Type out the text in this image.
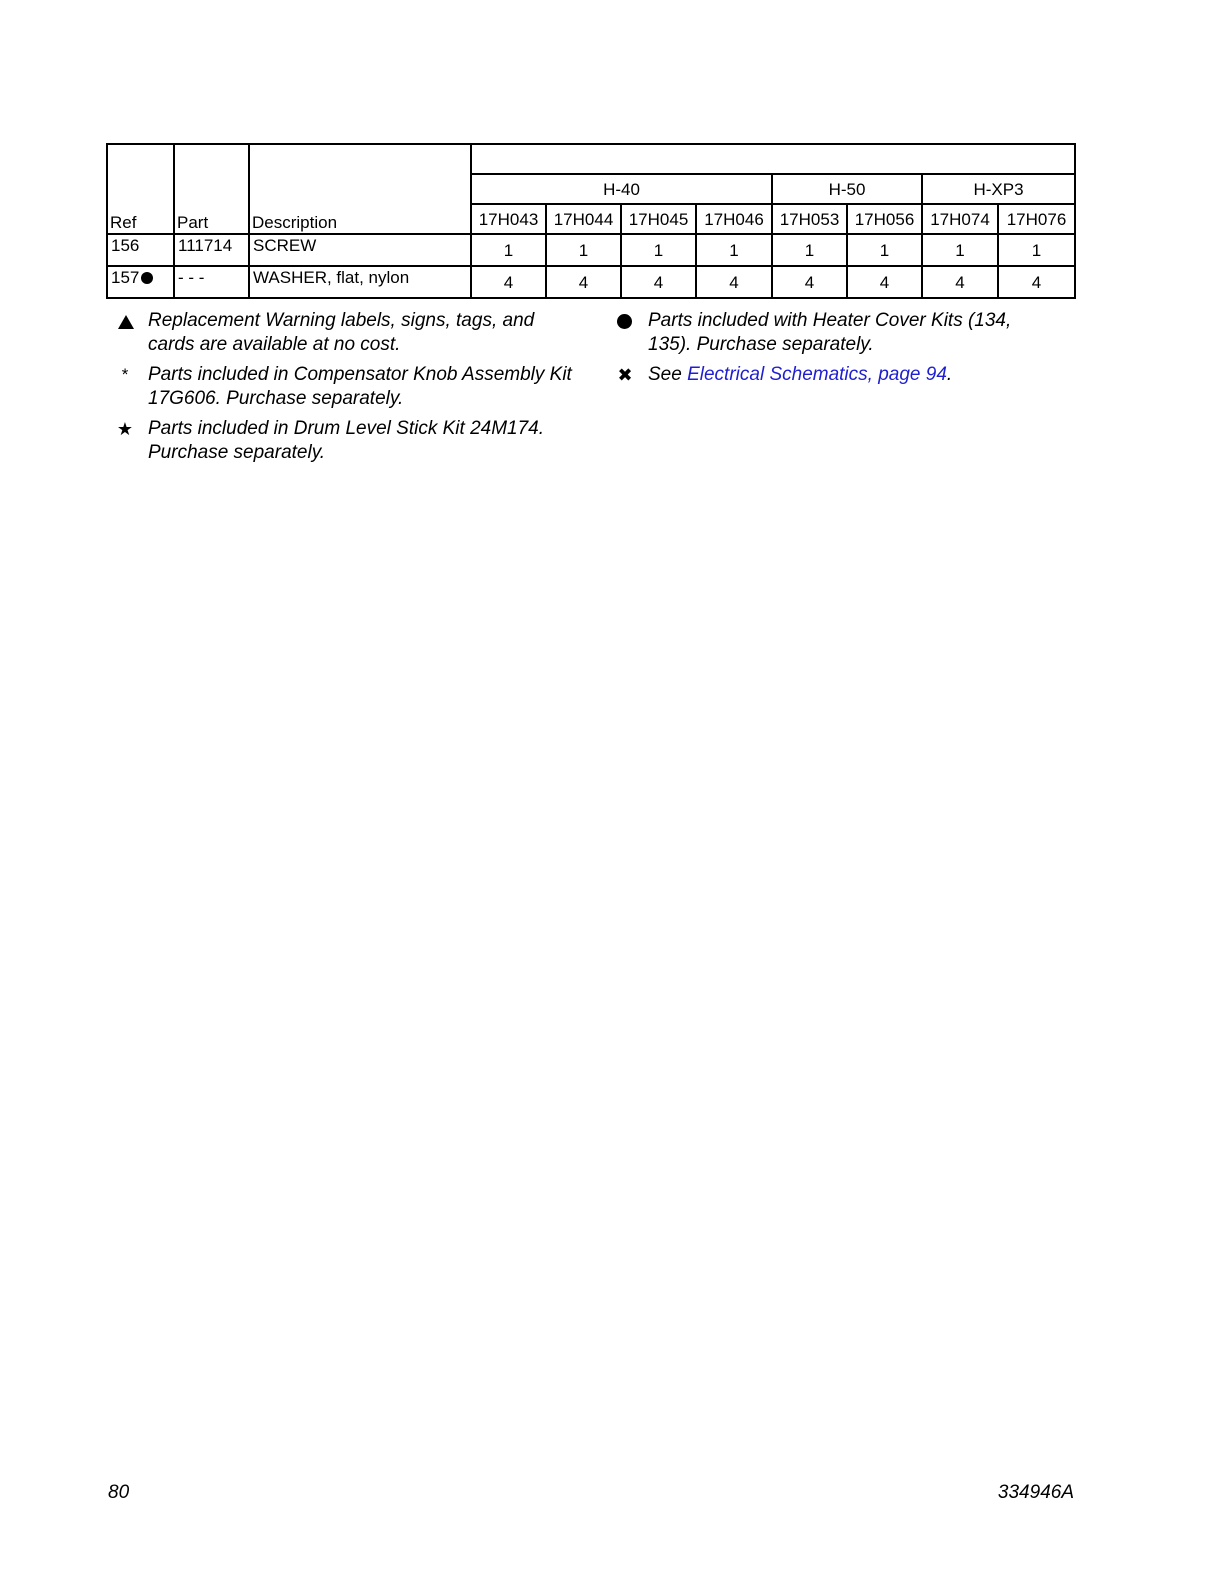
Ref	Part	Description								
			H-40				H-50		H-XP3	
			17H043	17H044	17H045	17H046	17H053	17H056	17H074	17H076
156	111714	SCREW	1	1	1	1	1	1	1	1
157	- - -	WASHER, flat, nylon	4	4	4	4	4	4	4	4
Replacement Warning labels, signs, tags, and cards are available at no cost.
*	Parts included in Compensator Knob Assembly Kit 17G606. Purchase separately.
★ Parts included in Drum Level Stick Kit 24M174. Purchase separately.
Parts included with Heater Cover Kits (134, 135). Purchase separately.
✖ See Electrical Schematics, page 94.
80	334946A
